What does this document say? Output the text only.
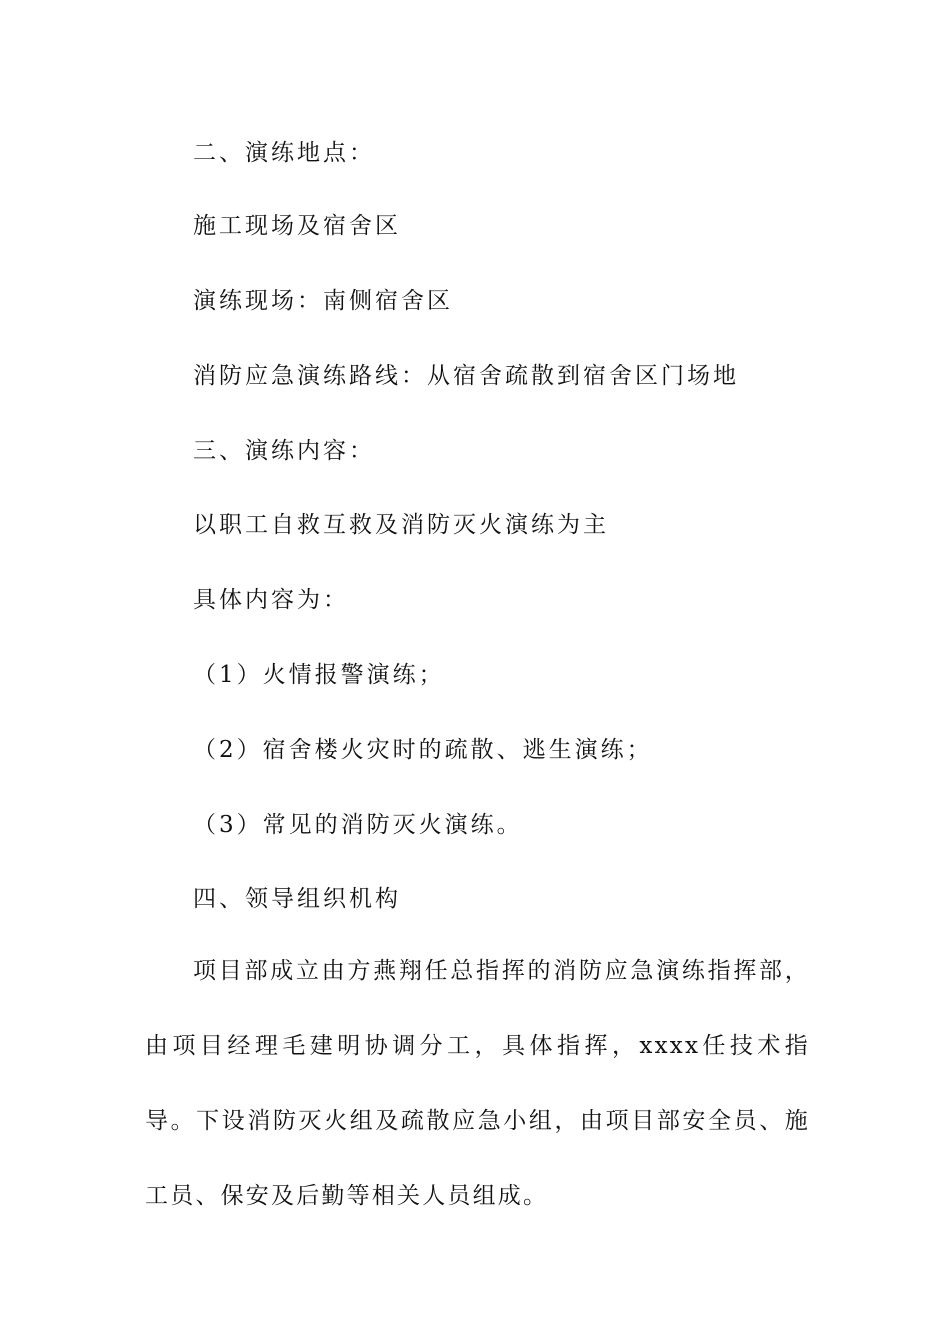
二、演练地点：
施工现场及宿舍区
演练现场：南侧宿舍区
消防应急演练路线：从宿舍疏散到宿舍区门场地
三、演练内容：
以职工自救互救及消防灭火演练为主
具体内容为：
（1）火情报警演练；
（2）宿舍楼火灾时的疏散、逃生演练；
（3）常见的消防灭火演练。
四、领导组织机构
项目部成立由方燕翔任总指挥的消防应急演练指挥部，由项目经理毛建明协调分工，具体指挥，xxxx任技术指导。下设消防灭火组及疏散应急小组，由项目部安全员、施工员、保安及后勤等相关人员组成。
